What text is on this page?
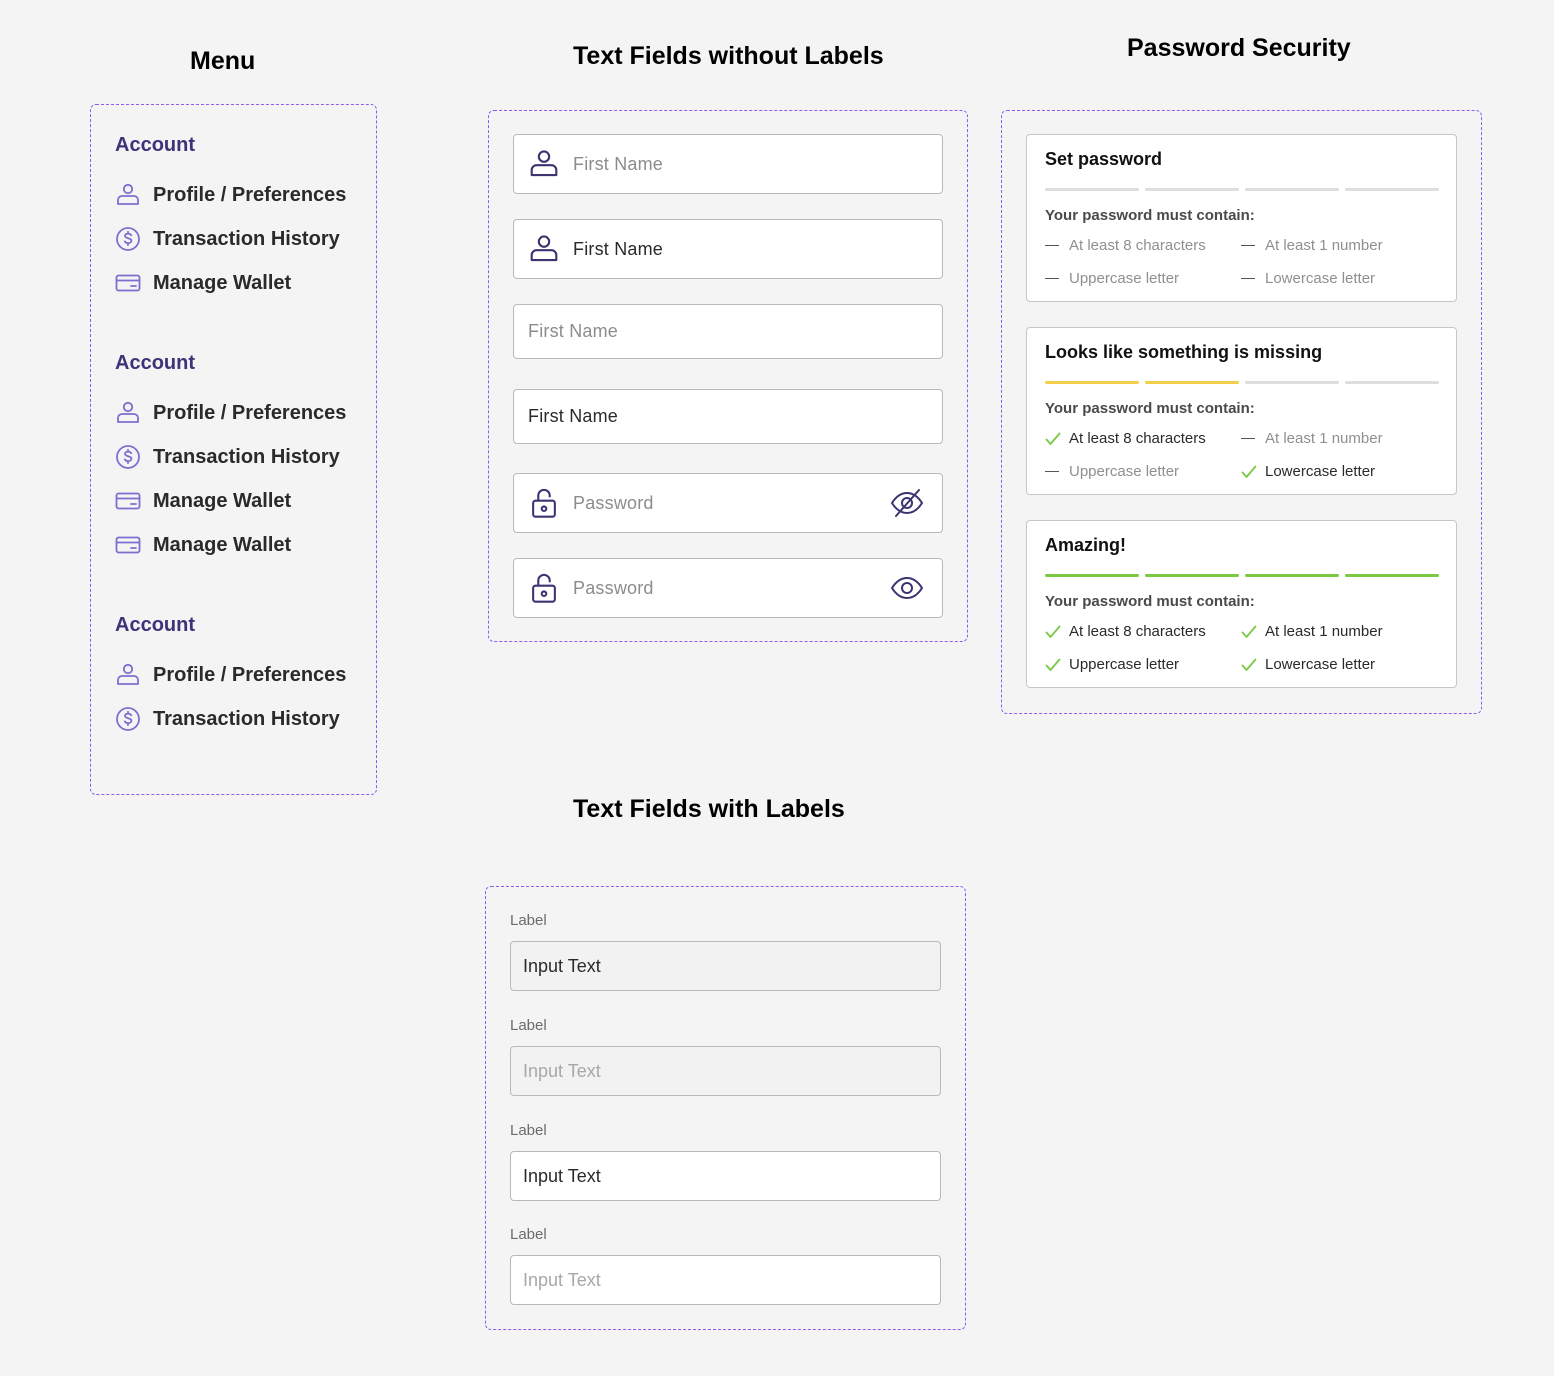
Menu	Text Fields without Labels	Password Security
Text Fields with Labels
Account
Profile / Preferences
Transaction History
Manage Wallet
Account
Profile / Preferences
Transaction History
Manage Wallet
Manage Wallet
Account
Profile / Preferences
Transaction History
First Name
First Name
First Name
First Name
Password
Password
Set password
Your password must contain:
At least 8 characters	At least 1 number
Uppercase letter	Lowercase letter
Looks like something is missing
Your password must contain:
At least 8 characters	At least 1 number
Uppercase letter	Lowercase letter
Amazing!
Your password must contain:
At least 8 characters	At least 1 number
Uppercase letter	Lowercase letter
Label
Input Text
Label
Input Text
Label
Input Text
Label
Input Text
